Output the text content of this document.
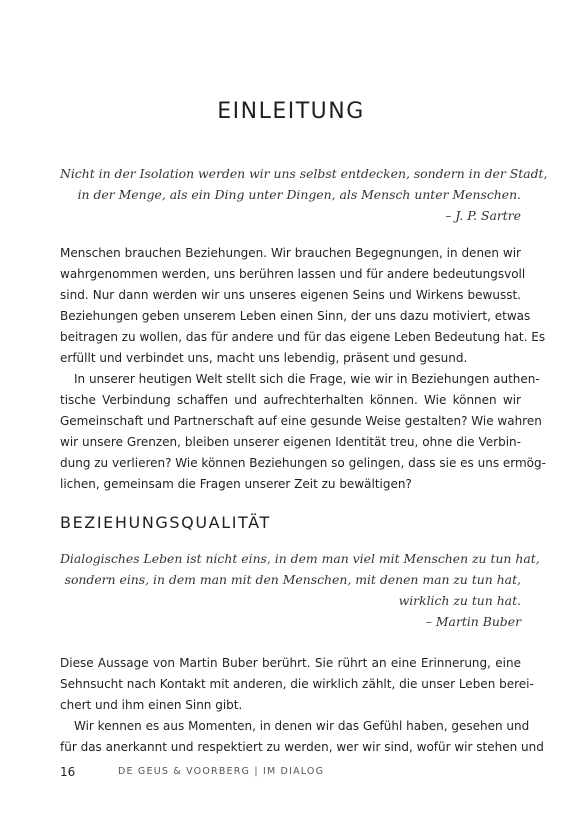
EINLEITUNG
Nicht in der Isolation werden wir uns selbst entdecken, sondern in der Stadt,
in der Menge, als ein Ding unter Dingen, als Mensch unter Menschen.
– J. P. Sartre
Menschen brauchen Beziehungen. Wir brauchen Begegnungen, in denen wir
wahrgenommen werden, uns berühren lassen und für andere bedeutungsvoll
sind. Nur dann werden wir uns unseres eigenen Seins und Wirkens bewusst.
Beziehungen geben unserem Leben einen Sinn, der uns dazu motiviert, etwas
beitragen zu wollen, das für andere und für das eigene Leben Bedeutung hat. Es
erfüllt und verbindet uns, macht uns lebendig, präsent und gesund.
In unserer heutigen Welt stellt sich die Frage, wie wir in Beziehungen authen-
tische Verbindung schaffen und aufrechterhalten können. Wie können wir
Gemeinschaft und Partnerschaft auf eine gesunde Weise gestalten? Wie wahren
wir unsere Grenzen, bleiben unserer eigenen Identität treu, ohne die Verbin-
dung zu verlieren? Wie können Beziehungen so gelingen, dass sie es uns ermög-
lichen, gemeinsam die Fragen unserer Zeit zu bewältigen?
BEZIEHUNGSQUALITÄT
Dialogisches Leben ist nicht eins, in dem man viel mit Menschen zu tun hat,
sondern eins, in dem man mit den Menschen, mit denen man zu tun hat,
wirklich zu tun hat.
– Martin Buber
Diese Aussage von Martin Buber berührt. Sie rührt an eine Erinnerung, eine
Sehnsucht nach Kontakt mit anderen, die wirklich zählt, die unser Leben berei-
chert und ihm einen Sinn gibt.
Wir kennen es aus Momenten, in denen wir das Gefühl haben, gesehen und
für das anerkannt und respektiert zu werden, wer wir sind, wofür wir stehen und
16	DE GEUS & VOORBERG | IM DIALOG
